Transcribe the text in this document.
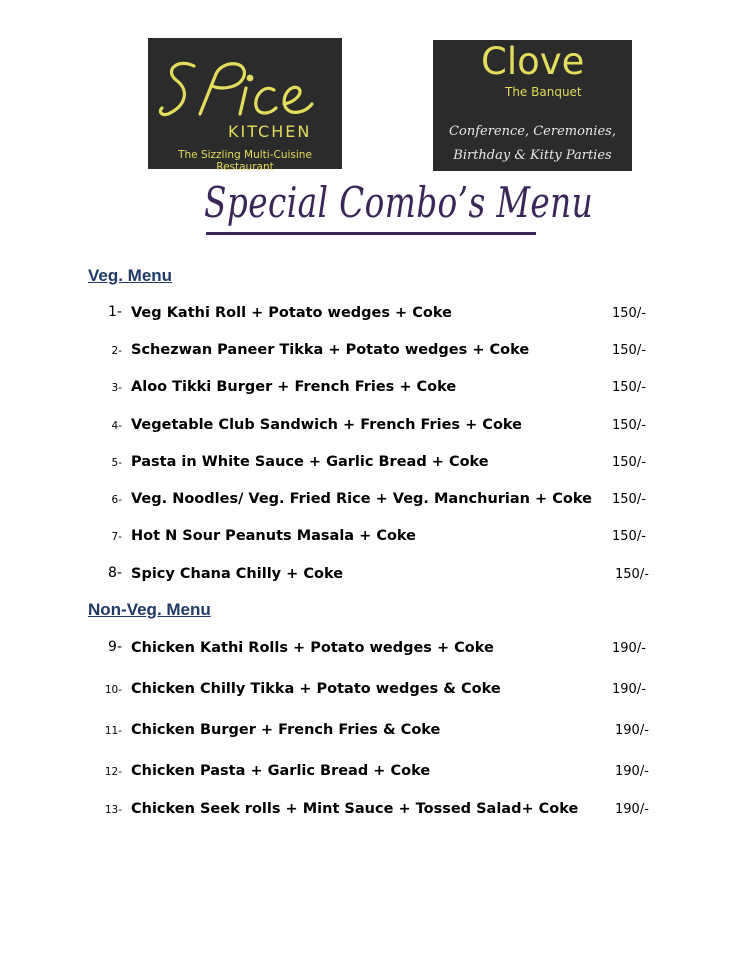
KITCHEN
The Sizzling Multi-Cuisine Restaurant
Clove
The Banquet
Conference, Ceremonies,
Birthday & Kitty Parties
Special Combo’s Menu
Veg. Menu
1- Veg Kathi Roll + Potato wedges + Coke	150/-
2- Schezwan Paneer Tikka + Potato wedges + Coke	150/-
3- Aloo Tikki Burger + French Fries + Coke	150/-
4- Vegetable Club Sandwich + French Fries + Coke	150/-
5- Pasta in White Sauce + Garlic Bread + Coke	150/-
6- Veg. Noodles/ Veg. Fried Rice + Veg. Manchurian + Coke 150/-
7- Hot N Sour Peanuts Masala + Coke	150/-
8- Spicy Chana Chilly + Coke	150/-
Non-Veg. Menu
9- Chicken Kathi Rolls + Potato wedges + Coke	190/-
10- Chicken Chilly Tikka + Potato wedges & Coke	190/-
11- Chicken Burger + French Fries & Coke	190/-
12- Chicken Pasta + Garlic Bread + Coke	190/-
13- Chicken Seek rolls + Mint Sauce + Tossed Salad+ Coke	190/-
